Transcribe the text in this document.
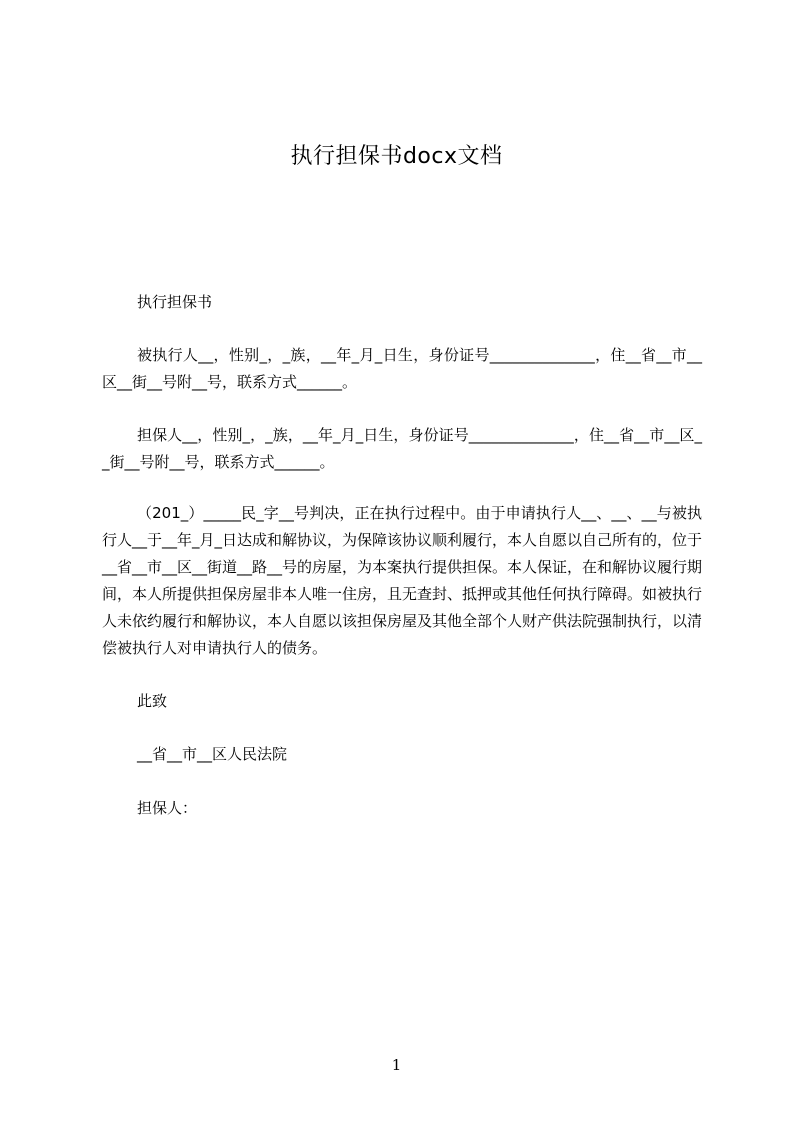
执行担保书docx文档

执行担保书

被执行人__，性别_，_族，__年_月_日生，身份证号______________，住__省__市__区__街__号附__号，联系方式______。

担保人__，性别_，_族，__年_月_日生，身份证号______________，住__省__市__区__街__号附__号，联系方式______。

（201_）_____民_字__号判决，正在执行过程中。由于申请执行人__、__、__与被执行人__于__年_月_日达成和解协议，为保障该协议顺利履行，本人自愿以自己所有的，位于__省__市__区__街道__路__号的房屋，为本案执行提供担保。本人保证，在和解协议履行期间，本人所提供担保房屋非本人唯一住房，且无查封、抵押或其他任何执行障碍。如被执行人未依约履行和解协议，本人自愿以该担保房屋及其他全部个人财产供法院强制执行，以清偿被执行人对申请执行人的债务。

此致

__省__市__区人民法院

担保人：

1
